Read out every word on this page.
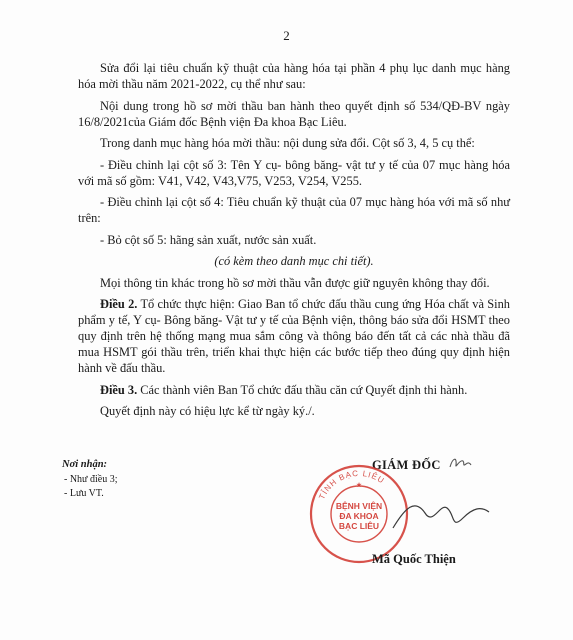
2

Sửa đổi lại tiêu chuẩn kỹ thuật của hàng hóa tại phần 4 phụ lục danh mục hàng hóa mời thầu năm 2021-2022, cụ thể như sau:

Nội dung trong hồ sơ mời thầu ban hành theo quyết định số 534/QĐ-BV ngày 16/8/2021của Giám đốc Bệnh viện Đa khoa Bạc Liêu.

Trong danh mục hàng hóa mời thầu: nội dung sửa đổi. Cột số 3, 4, 5 cụ thể:

- Điều chỉnh lại cột số 3: Tên Y cụ- bông băng- vật tư y tế của 07 mục hàng hóa với mã số gồm: V41, V42, V43,V75, V253, V254, V255.

- Điều chỉnh lại cột số 4: Tiêu chuẩn kỹ thuật của 07 mục hàng hóa với mã số như trên:

- Bỏ cột số 5: hãng sản xuất, nước sản xuất.

(có kèm theo danh mục chi tiết).

Mọi thông tin khác trong hồ sơ mời thầu vẫn được giữ nguyên không thay đổi.

Điều 2. Tổ chức thực hiện: Giao Ban tổ chức đấu thầu cung ứng Hóa chất và Sinh phẩm y tế, Y cụ- Bông băng- Vật tư y tế của Bệnh viện, thông báo sửa đổi HSMT theo quy định trên hệ thống mạng mua sắm công và thông báo đến tất cả các nhà thầu đã mua HSMT gói thầu trên, triển khai thực hiện các bước tiếp theo đúng quy định hiện hành về đấu thầu.

Điều 3. Các thành viên Ban Tổ chức đấu thầu căn cứ Quyết định thi hành.

Quyết định này có hiệu lực kể từ ngày ký./.

Nơi nhận:
- Như điều 3;
- Lưu VT.
GIÁM ĐỐC
TỈNH BẠC LIÊU
BỆNH VIỆN
ĐA KHOA
BẠC LIÊU
★
Mã Quốc Thiện
